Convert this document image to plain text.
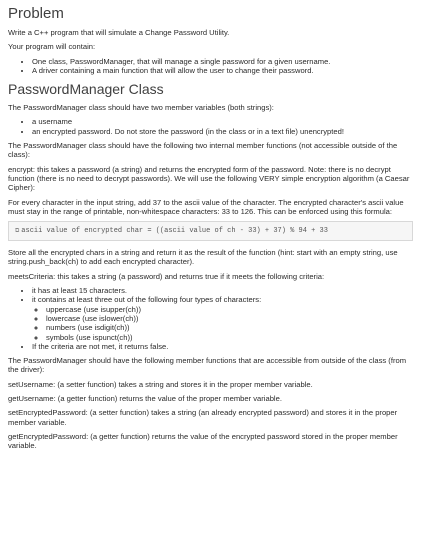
Problem

Write a C++ program that will simulate a Change Password Utility.

Your program will contain:

• One class, PasswordManager, that will manage a single password for a given username.
• A driver containing a main function that will allow the user to change their password.
PasswordManager Class

The PasswordManager class should have two member variables (both strings):

• a username
• an encrypted password. Do not store the password (in the class or in a text file) unencrypted!

The PasswordManager class should have the following two internal member functions (not accessible outside of the class):

encrypt: this takes a password (a string) and returns the encrypted form of the password. Note: there is no decrypt function (there is no need to decrypt passwords). We will use the following VERY simple encryption algorithm (a Caesar Cipher):

For every character in the input string, add 37 to the ascii value of the character. The encrypted character's ascii value must stay in the range of printable, non-whitespace characters: 33 to 126. This can be enforced using this formula:

⧉ ascii value of encrypted char = ((ascii value of ch - 33) + 37) % 94 + 33

Store all the encrypted chars in a string and return it as the result of the function (hint: start with an empty string, use string.push_back(ch) to add each encrypted character).

meetsCriteria: this takes a string (a password) and returns true if it meets the following criteria:

• it has at least 15 characters.
• it contains at least three out of the following four types of characters:
◦ uppercase (use isupper(ch))
◦ lowercase (use islower(ch))
◦ numbers (use isdigit(ch))
◦ symbols (use ispunct(ch))
• If the criteria are not met, it returns false.

The PasswordManager should have the following member functions that are accessible from outside of the class (from the driver):

setUsername: (a setter function) takes a string and stores it in the proper member variable.

getUsername: (a getter function) returns the value of the proper member variable.

setEncryptedPassword: (a setter function) takes a string (an already encrypted password) and stores it in the proper member variable.

getEncryptedPassword: (a getter function) returns the value of the encrypted password stored in the proper member variable.
